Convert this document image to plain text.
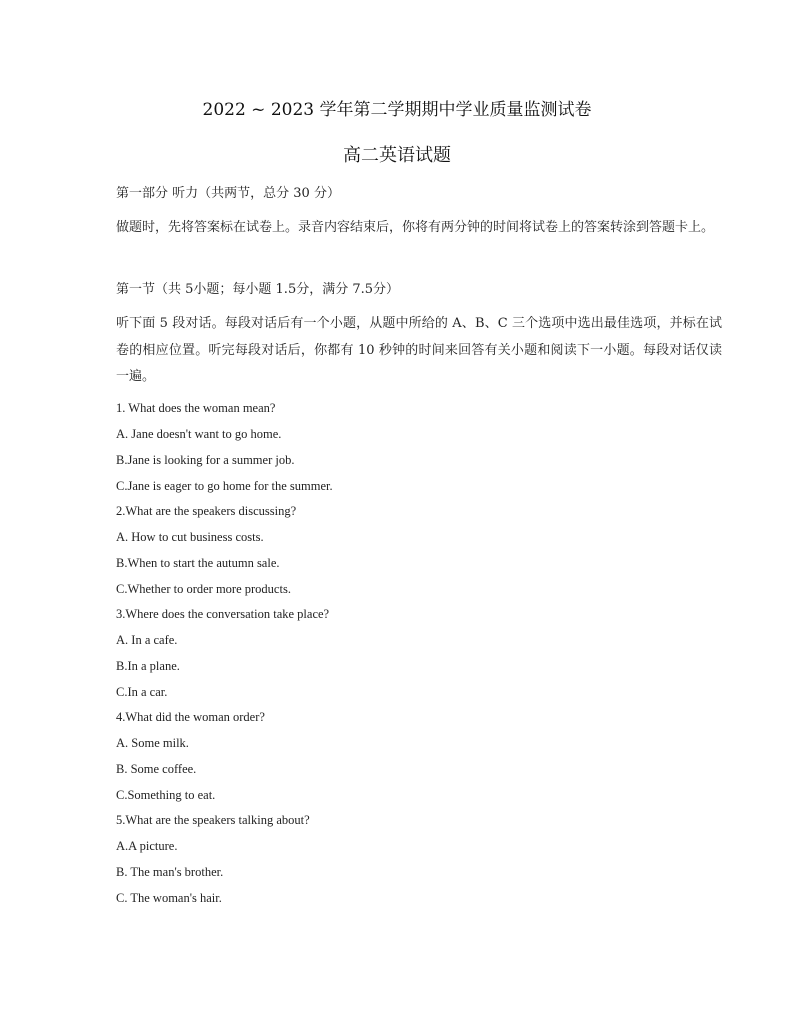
2022 ~ 2023 学年第二学期期中学业质量监测试卷
高二英语试题
第一部分 听力（共两节，总分 30 分）
做题时，先将答案标在试卷上。录音内容结束后，你将有两分钟的时间将试卷上的答案转涂到答题卡上。
第一节（共 5小题；每小题 1.5分，满分 7.5分）
听下面 5 段对话。每段对话后有一个小题，从题中所给的 A、B、C 三个选项中选出最佳选项，并标在试卷的相应位置。听完每段对话后，你都有 10 秒钟的时间来回答有关小题和阅读下一小题。每段对话仅读一遍。
1. What does the woman mean?
A. Jane doesn't want to go home.
B.Jane is looking for a summer job.
C.Jane is eager to go home for the summer.
2.What are the speakers discussing?
A. How to cut business costs.
B.When to start the autumn sale.
C.Whether to order more products.
3.Where does the conversation take place?
A. In a cafe.
B.In a plane.
C.In a car.
4.What did the woman order?
A. Some milk.
B. Some coffee.
C.Something to eat.
5.What are the speakers talking about?
A.A picture.
B. The man's brother.
C. The woman's hair.
